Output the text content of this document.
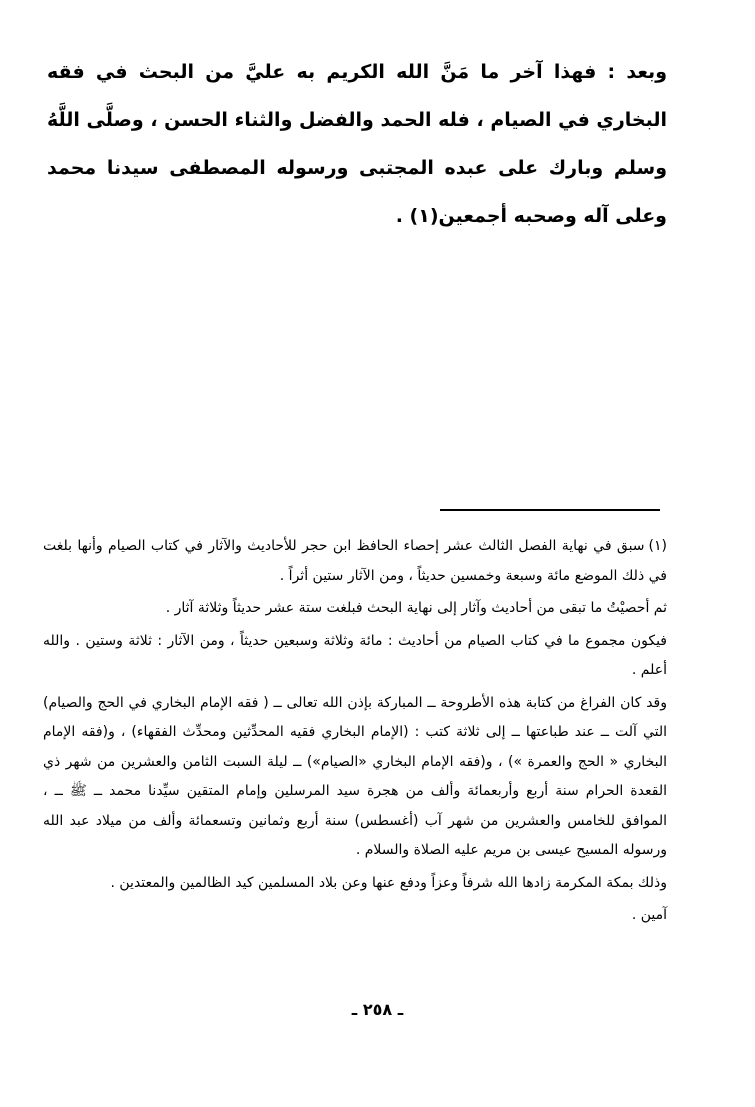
وبعد : فهذا آخر ما مَنَّ الله الكريم به عليَّ من البحث في فقه البخاري في الصيام ، فله الحمد والفضل والثناء الحسن ، وصلَّى اللَّهُ وسلم وبارك على عبده المجتبى ورسوله المصطفى سيدنا محمد وعلى آله وصحبه أجمعين(١) .

(١)سبق في نهاية الفصل الثالث عشر إحصاء الحافظ ابن حجر للأحاديث والآثار في كتاب الصيام وأنها بلغت في ذلك الموضع مائة وسبعة وخمسين حديثاً ، ومن الآثار ستين أثراً .

ثم أحصيْتُ ما تبقى من أحاديث وآثار إلى نهاية البحث فبلغت ستة عشر حديثاً وثلاثة آثار .

فيكون مجموع ما في كتاب الصيام من أحاديث : مائة وثلاثة وسبعين حديثاً ، ومن الآثار : ثلاثة وستين . والله أعلم .

وقد كان الفراغ من كتابة هذه الأطروحة ــ المباركة بإذن الله تعالى ــ ( فقه الإمام البخاري في الحج والصيام) التي آلت ــ عند طباعتها ــ إلى ثلاثة كتب : (الإمام البخاري فقيه المحدِّثين ومحدِّث الفقهاء) ، و(فقه الإمام البخاري « الحج والعمرة ») ، و(فقه الإمام البخاري «الصيام») ــ ليلة السبت الثامن والعشرين من شهر ذي القعدة الحرام سنة أربع وأربعمائة وألف من هجرة سيد المرسلين وإمام المتقين سيِّدنا محمد ــ ﷺ ــ ، الموافق للخامس والعشرين من شهر آب (أغسطس) سنة أربع وثمانين وتسعمائة وألف من ميلاد عبد الله ورسوله المسيح عيسى بن مريم عليه الصلاة والسلام .

وذلك بمكة المكرمة زادها الله شرفاً وعزاً ودفع عنها وعن بلاد المسلمين كيد الظالمين والمعتدين .

آمين .

ـ ٢٥٨ ـ
